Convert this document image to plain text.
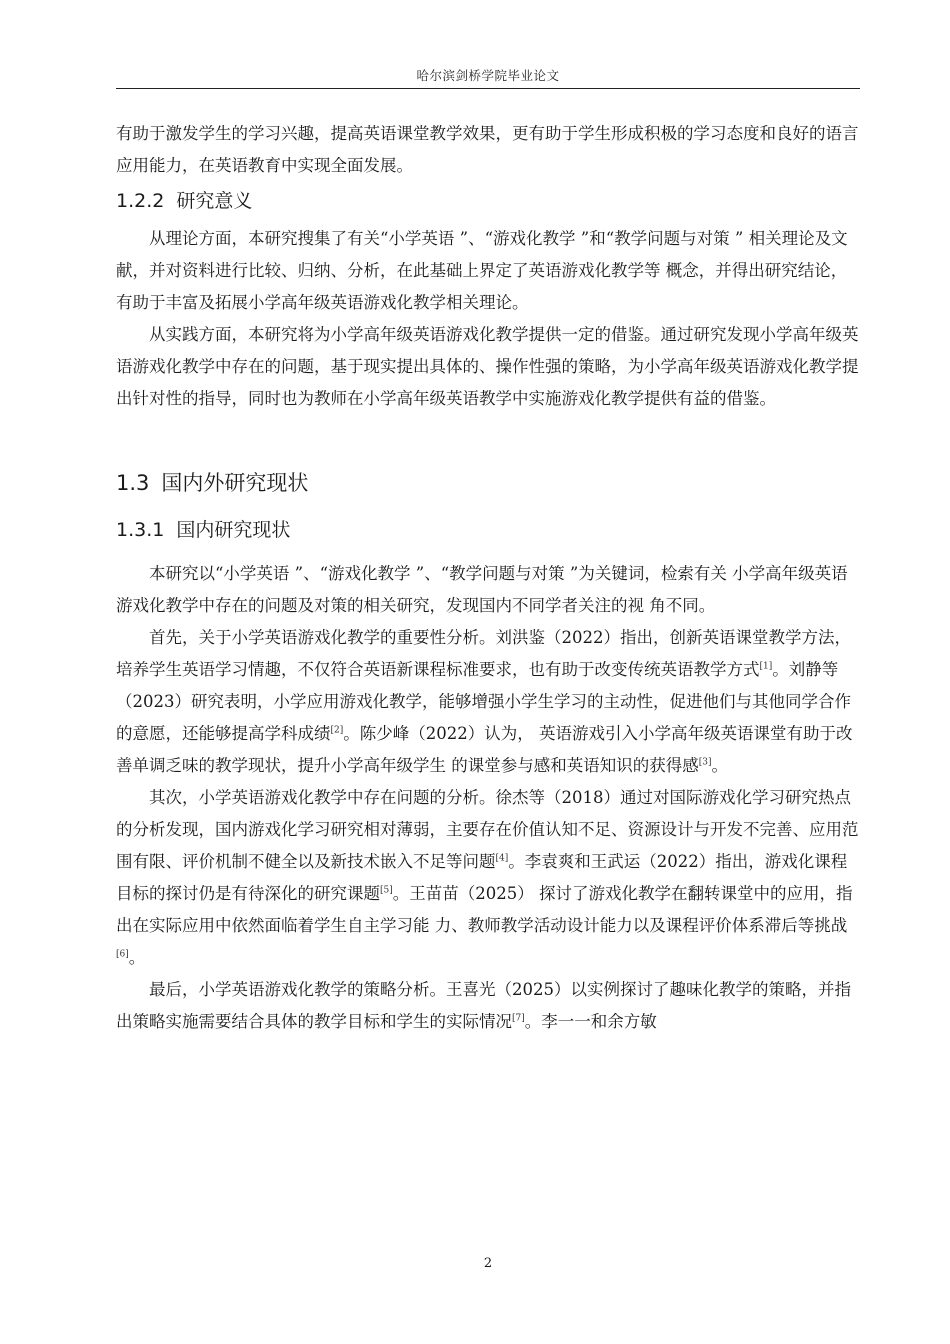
哈尔滨剑桥学院毕业论文

有助于激发学生的学习兴趣，提高英语课堂教学效果，更有助于学生形成积极的学习态度和良好的语言应用能力，在英语教育中实现全面发展。

1.2.2 研究意义

从理论方面，本研究搜集了有关“小学英语 ”、“游戏化教学 ”和“教学问题与对策 ” 相关理论及文献，并对资料进行比较、归纳、分析，在此基础上界定了英语游戏化教学等 概念，并得出研究结论，有助于丰富及拓展小学高年级英语游戏化教学相关理论。

从实践方面，本研究将为小学高年级英语游戏化教学提供一定的借鉴。通过研究发现小学高年级英语游戏化教学中存在的问题，基于现实提出具体的、操作性强的策略，为小学高年级英语游戏化教学提出针对性的指导，同时也为教师在小学高年级英语教学中实施游戏化教学提供有益的借鉴。

1.3 国内外研究现状
1.3.1 国内研究现状

本研究以“小学英语 ”、“游戏化教学 ”、“教学问题与对策 ”为关键词，检索有关 小学高年级英语游戏化教学中存在的问题及对策的相关研究，发现国内不同学者关注的视 角不同。

首先，关于小学英语游戏化教学的重要性分析。刘洪鉴（2022）指出，创新英语课堂教学方法，培养学生英语学习情趣，不仅符合英语新课程标准要求，也有助于改变传统英语教学方式[1]。刘静等（2023）研究表明，小学应用游戏化教学，能够增强小学生学习的主动性，促进他们与其他同学合作的意愿，还能够提高学科成绩[2]。陈少峰（2022）认为， 英语游戏引入小学高年级英语课堂有助于改善单调乏味的教学现状，提升小学高年级学生 的课堂参与感和英语知识的获得感[3]。

其次，小学英语游戏化教学中存在问题的分析。徐杰等（2018）通过对国际游戏化学习研究热点的分析发现，国内游戏化学习研究相对薄弱，主要存在价值认知不足、资源设计与开发不完善、应用范围有限、评价机制不健全以及新技术嵌入不足等问题[4]。李袁爽和王武运（2022）指出，游戏化课程目标的探讨仍是有待深化的研究课题[5]。王苗苗（2025） 探讨了游戏化教学在翻转课堂中的应用，指出在实际应用中依然面临着学生自主学习能 力、教师教学活动设计能力以及课程评价体系滞后等挑战[6]。

最后，小学英语游戏化教学的策略分析。王喜光（2025）以实例探讨了趣味化教学的策略，并指出策略实施需要结合具体的教学目标和学生的实际情况[7]。李一一和余方敏

2
